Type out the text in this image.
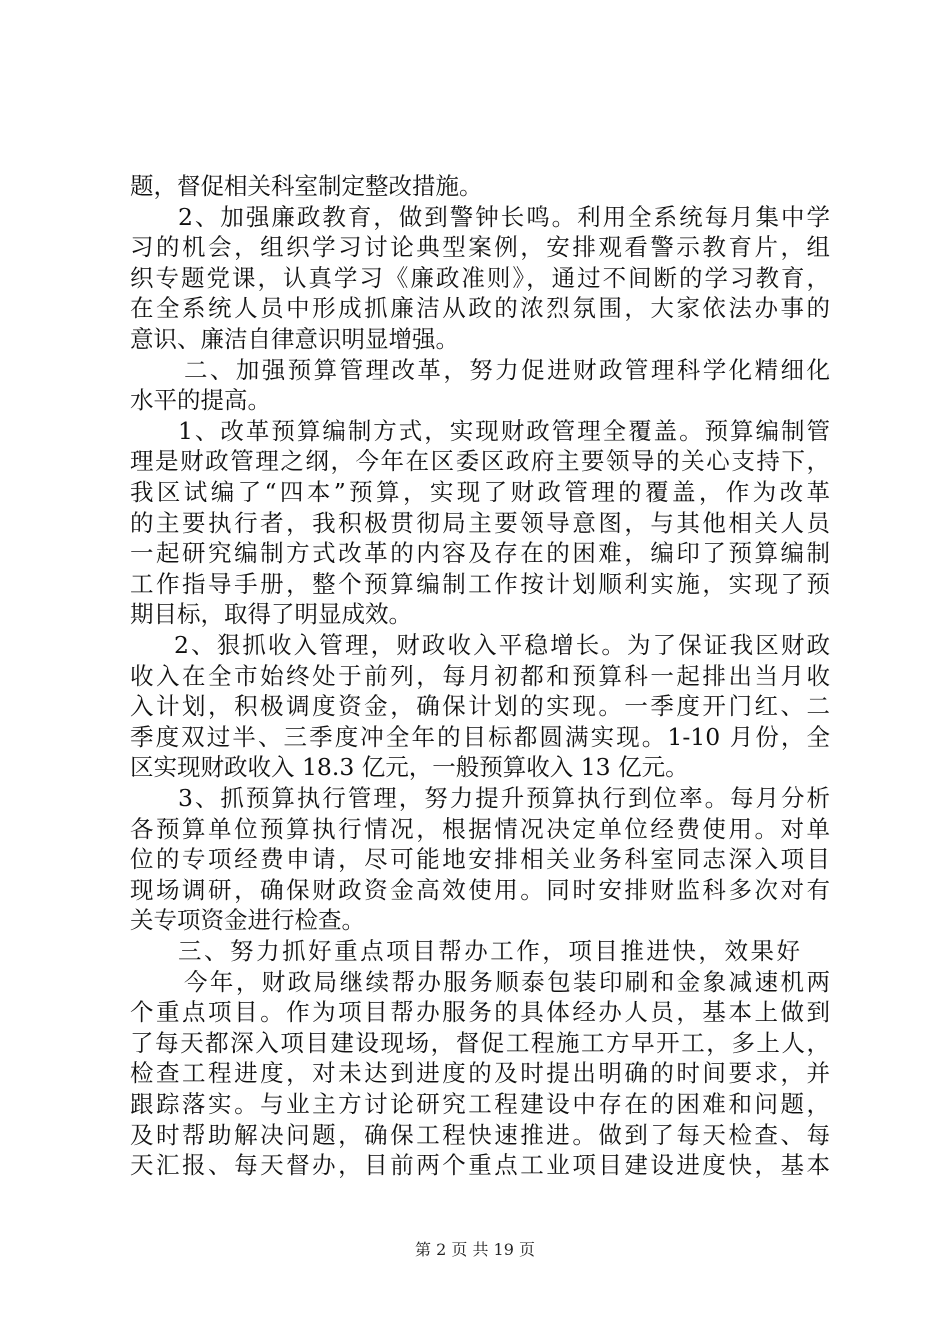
题，督促相关科室制定整改措施。
2、加强廉政教育，做到警钟长鸣。利用全系统每月集中学
习的机会，组织学习讨论典型案例，安排观看警示教育片，组
织专题党课，认真学习《廉政准则》，通过不间断的学习教育，
在全系统人员中形成抓廉洁从政的浓烈氛围，大家依法办事的
意识、廉洁自律意识明显增强。
二、加强预算管理改革，努力促进财政管理科学化精细化
水平的提高。
1、改革预算编制方式，实现财政管理全覆盖。预算编制管
理是财政管理之纲，今年在区委区政府主要领导的关心支持下，
我区试编了“四本”预算，实现了财政管理的覆盖，作为改革
的主要执行者，我积极贯彻局主要领导意图，与其他相关人员
一起研究编制方式改革的内容及存在的困难，编印了预算编制
工作指导手册，整个预算编制工作按计划顺利实施，实现了预
期目标，取得了明显成效。
2、狠抓收入管理，财政收入平稳增长。为了保证我区财政
收入在全市始终处于前列，每月初都和预算科一起排出当月收
入计划，积极调度资金，确保计划的实现。一季度开门红、二
季度双过半、三季度冲全年的目标都圆满实现。1-10 月份，全
区实现财政收入 18.3 亿元，一般预算收入 13 亿元。
3、抓预算执行管理，努力提升预算执行到位率。每月分析
各预算单位预算执行情况，根据情况决定单位经费使用。对单
位的专项经费申请，尽可能地安排相关业务科室同志深入项目
现场调研，确保财政资金高效使用。同时安排财监科多次对有
关专项资金进行检查。
三、努力抓好重点项目帮办工作，项目推进快，效果好
今年，财政局继续帮办服务顺泰包装印刷和金象减速机两
个重点项目。作为项目帮办服务的具体经办人员，基本上做到
了每天都深入项目建设现场，督促工程施工方早开工，多上人，
检查工程进度，对未达到进度的及时提出明确的时间要求，并
跟踪落实。与业主方讨论研究工程建设中存在的困难和问题，
及时帮助解决问题，确保工程快速推进。做到了每天检查、每
天汇报、每天督办，目前两个重点工业项目建设进度快，基本
第 2 页 共 19 页
